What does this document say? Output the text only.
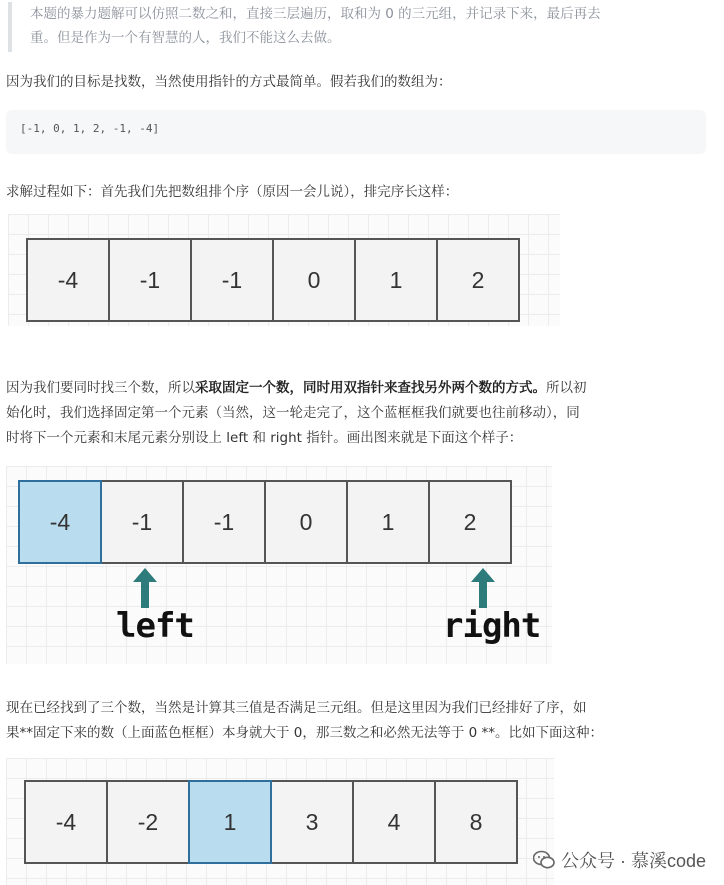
本题的暴力题解可以仿照二数之和，直接三层遍历，取和为 0 的三元组，并记录下来，最后再去

重。但是作为一个有智慧的人，我们不能这么去做。

因为我们的目标是找数，当然使用指针的方式最简单。假若我们的数组为：

[-1, 0, 1, 2, -1, -4]

求解过程如下：首先我们先把数组排个序（原因一会儿说），排完序长这样：

-4	-1	-1	0	1	2
因为我们要同时找三个数，所以采取固定一个数，同时用双指针来查找另外两个数的方式。所以初
始化时，我们选择固定第一个元素（当然，这一轮走完了，这个蓝框框我们就要也往前移动），同
时将下一个元素和末尾元素分别设上 left 和 right 指针。画出图来就是下面这个样子：
-4	-1	-1	0	1	2
left	right
现在已经找到了三个数，当然是计算其三值是否满足三元组。但是这里因为我们已经排好了序，如
果**固定下来的数（上面蓝色框框）本身就大于 0，那三数之和必然无法等于 0 **。比如下面这种：
-4	-2	1	3	4	8
公众号 · 慕溪code
